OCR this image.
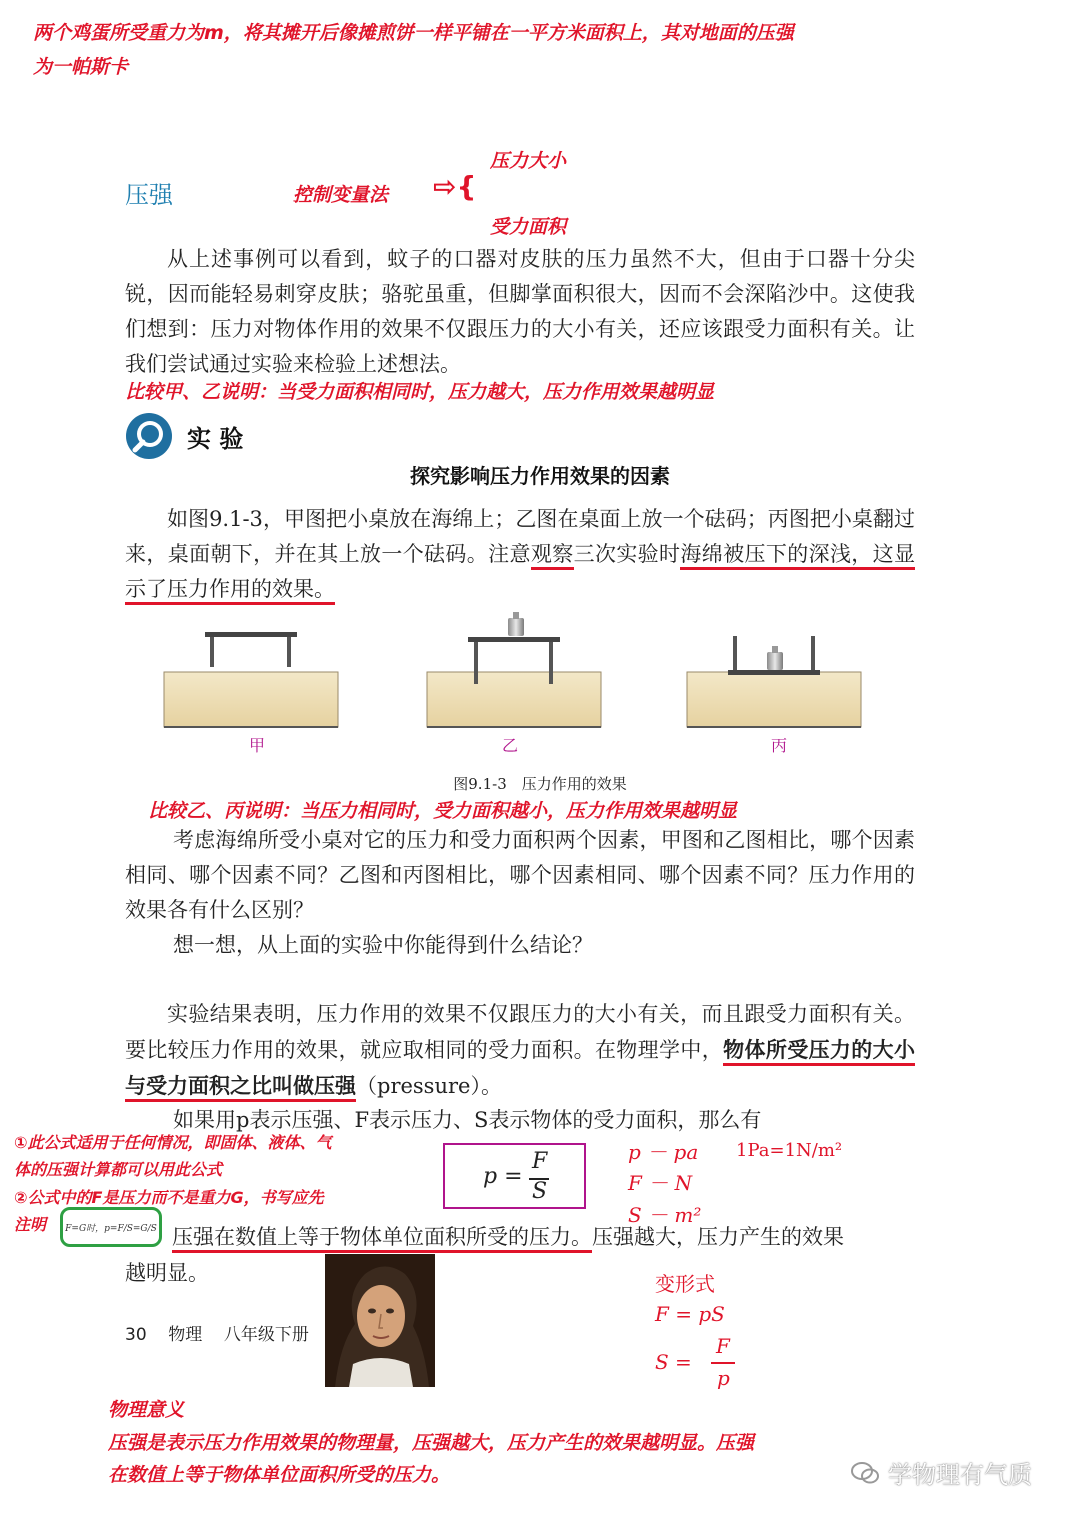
两个鸡蛋所受重力为m，将其摊开后像摊煎饼一样平铺在一平方米面积上，其对地面的压强
为一帕斯卡
压强	控制变量法 ⇨{
压力大小
受力面积
从上述事例可以看到，蚊子的口器对皮肤的压力虽然不大，但由于口器十分尖锐，因而能轻易刺穿皮肤；骆驼虽重，但脚掌面积很大，因而不会深陷沙中。这使我们想到：压力对物体作用的效果不仅跟压力的大小有关，还应该跟受力面积有关。让我们尝试通过实验来检验上述想法。
比较甲、乙说明：当受力面积相同时，压力越大，压力作用效果越明显
实 验
探究影响压力作用效果的因素
如图9.1-3，甲图把小桌放在海绵上；乙图在桌面上放一个砝码；丙图把小桌翻过来，桌面朝下，并在其上放一个砝码。注意观察三次实验时海绵被压下的深浅，这显示了压力作用的效果。
甲	乙	丙
图9.1-3　压力作用的效果
比较乙、丙说明：当压力相同时，受力面积越小，压力作用效果越明显
考虑海绵所受小桌对它的压力和受力面积两个因素，甲图和乙图相比，哪个因素相同、哪个因素不同？乙图和丙图相比，哪个因素相同、哪个因素不同？压力作用的效果各有什么区别？
想一想，从上面的实验中你能得到什么结论？
实验结果表明，压力作用的效果不仅跟压力的大小有关，而且跟受力面积有关。要比较压力作用的效果，就应取相同的受力面积。在物理学中，物体所受压力的大小与受力面积之比叫做压强（pressure）。
如果用p表示压强、F表示压力、S表示物体的受力面积，那么有
p =
F
S
p － pa
F － N
S － m²
1Pa=1N/m²
①此公式适用于任何情况，即固体、液体、气
体的压强计算都可以用此公式
②公式中的F是压力而不是重力G，书写应先
注明	F=G时，p=F/S=G/S 压强在数值上等于物体单位面积所受的压力。压强越大，压力产生的效果
越明显。	变形式
F = pS
S =
F
p
30 物理 八年级下册
物理意义
压强是表示压力作用效果的物理量，压强越大，压力产生的效果越明显。压强
在数值上等于物体单位面积所受的压力。	学物理有气质
